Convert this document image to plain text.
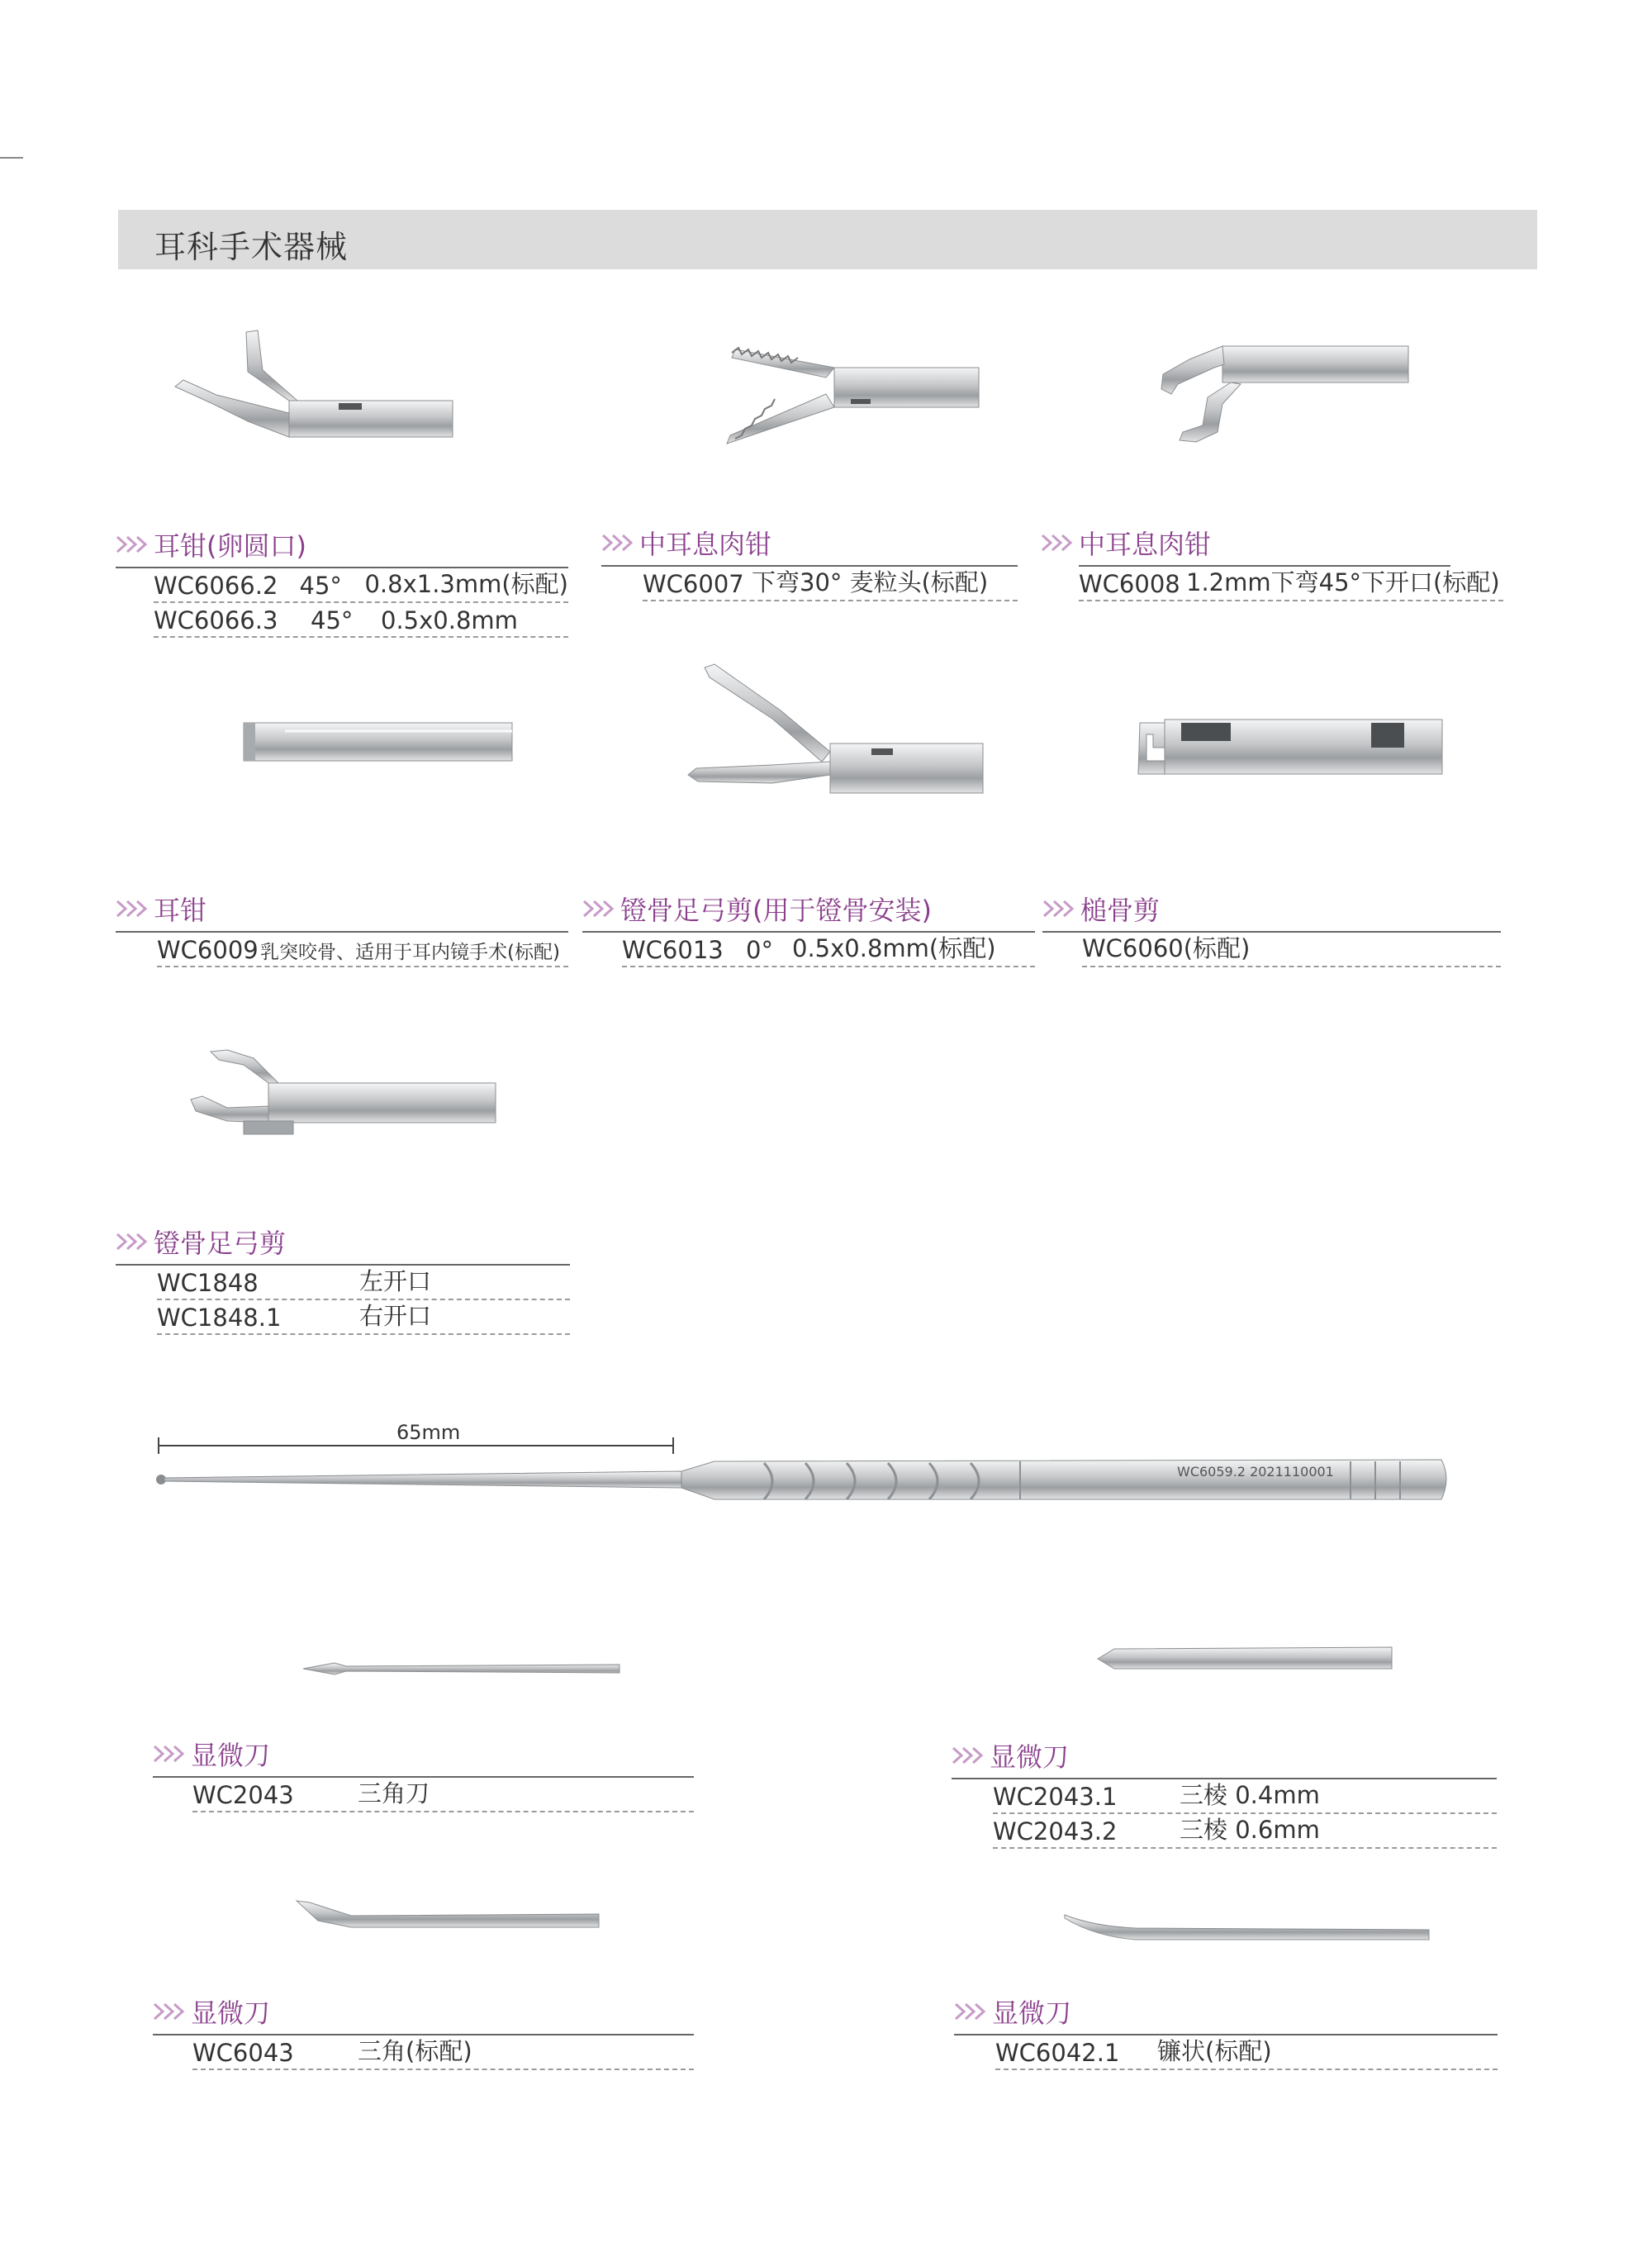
耳科手术器械
65mm
WC6059.2 2021110001
耳钳(卵圆口)
WC6066.2 45° 0.8x1.3mm(标配)
WC6066.3	45°	0.5x0.8mm
中耳息肉钳
WC6007 下弯30° 麦粒头(标配)
中耳息肉钳
WC6008 1.2mm下弯45°下开口(标配)
耳钳
WC6009 乳突咬骨、适用于耳内镜手术(标配)
镫骨足弓剪(用于镫骨安装)
WC6013 0° 0.5x0.8mm(标配)
槌骨剪
WC6060(标配)
镫骨足弓剪
WC1848	左开口
WC1848.1	右开口
显微刀
WC2043	三角刀
显微刀
WC2043.1	三棱 0.4mm
WC2043.2	三棱 0.6mm
显微刀
WC6043	三角(标配)
显微刀
WC6042.1	镰状(标配)
